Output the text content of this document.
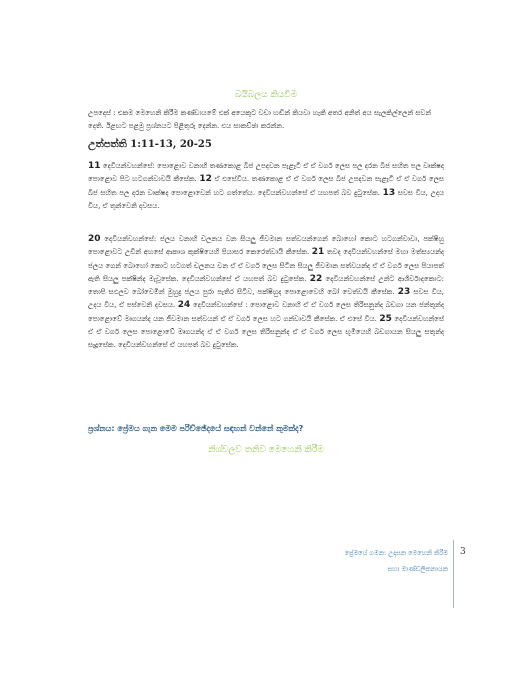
බයිබලය කියවීම
උපදෙස් : එකම මෙහෙනි කිරීම කණ්ඩායමේ එක් අයෙකුට වඩා හඬින් කියවා හැකි අතර අනිත් අය සැලකිල්ලෙන් සවන් දෙති. ඊළඟට පළමු ප්‍රශ්නයට පිළිතුරු දෙන්න. එය සාකච්ඡා කරන්න.
උත්පත්ති 1:11-13, 20-25
11 දෙවියන්වහන්සේ: පොළොව වනාහි තණකොළ බීජ උපදවන පැළෑටි ඒ ඒ වර්ග ලෙස පල දරන බීජ සහිත පල වෘක්ෂද පොළොව පිට හටගන්වාවයි කීසේක. 12 ඒ එසේවිය. තණකොළ ඒ ඒ වර්ග ලෙස බීජ උපදවන පැළෑටි ඒ ඒ වර්ග ලෙස බීජ සහිත පල දරන වෘක්ෂද පොළොවෙන් හට ගත්තේය. දෙවියන්වහන්සේ ඒ යහපත් බව දුටුසේක. 13 සවස විය, උදය විය, ඒ තුන්වෙනි දවසය.
20 දෙවියන්වහන්සේ: ජලය වනාහි චලනය වන සියලු ජීවමාන සත්වයන්ගෙන් බොහෝ කොට හටගන්වාවා, පක්ෂීහු පොළොවට උඩින් අහසේ ආකාශ කුක්ෂියෙහි පියාසර කෙරෙත්වායි කීසේක. 21 තවද දෙවියන්වහන්සේ මහා මත්ස්‍යයන්ද ජලය ගෙන් බොහෝ කොට හටගත් චලනය වන ඒ ඒ වර්ග ලෙස සිටින සියලු ජීවමාන සත්වයන්ද ඒ ඒ වර්ග ලෙස පියාපත් ඇති සියලු පක්ෂීන්ද මැවූසේක. දෙවියන්වහන්සේ ඒ යහපත් බව දුටුසේක. 22 දෙවියන්වහන්සේ උන්ට ආශීර්වාදකොට: තොපි සඵලව බෝවෙමින් මුහුදු ජලය පුරා පැතිර සිටිව, පක්ෂීහුද පොළොවෙහි බෝ වෙත්වයි කීසේක. 23 සවස විය, උදය විය, ඒ පස්වෙනි දවසය. 24 දෙවියන්වහන්සේ : පොළොව වනාහි ඒ ඒ වර්ග ලෙස තිරිසනුන්ද බඩගා යන ජන්තූන්ද පොළොවේ මෘගයන්ද යන ජීවමාන සත්වයන් ඒ ඒ වර්ග ලෙස හට ගන්වාවයි කීසේක. ඒ එසේ විය. 25 දෙවියන්වහන්සේ ඒ ඒ වර්ග ලෙස පොළොවේ මෘගයන්ද ඒ ඒ වර්ග ලෙස තිරිසනුන්ද ඒ ඒ වර්ග ලෙස භූමියෙහි බඩගායන සියලු සතුන්ද සෑදූසේක. දෙවියන්වහන්සේ ඒ යහපත් බව දුටුසේක.
ප්‍රශ්නය: ප්‍රේමය ගැන මෙම පරිච්ඡේදයේ සඳහන් වන්නේ කුමක්ද?
නිශ්චලව තනිව මෙහෙනි කිරීම
ප්‍රේමයේ ගමන: උදාසන මෙහෙනි කිරීම
සහා මාණ්ඩලිකනායක
3
